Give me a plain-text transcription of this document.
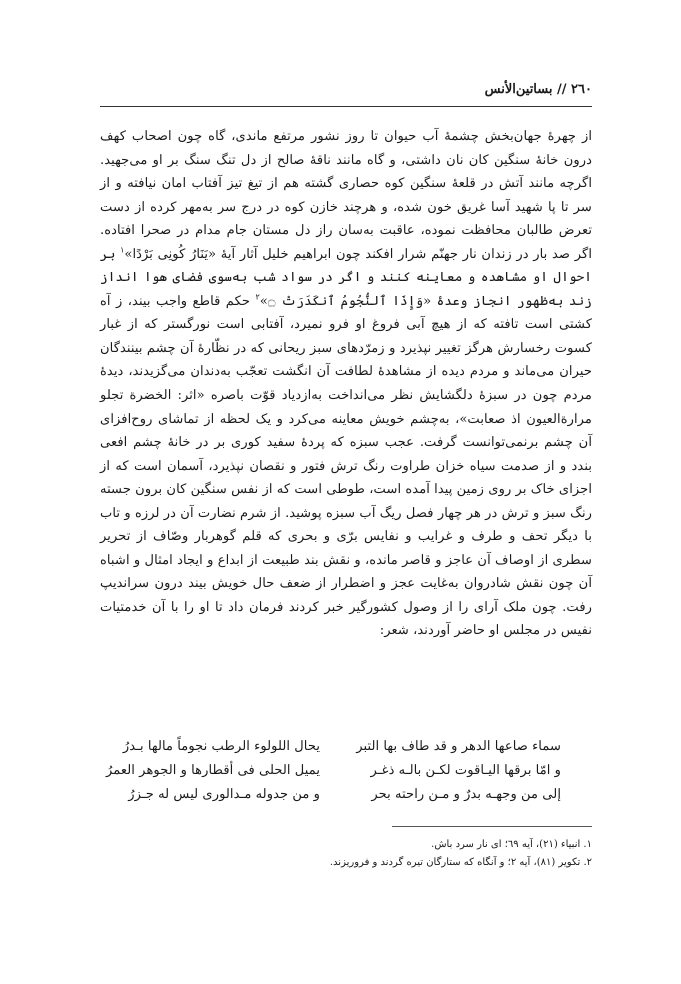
٢٦٠ // بساتين‌الأنس

از چهرهٔ جهان‌بخش چشمهٔ آب حیوان تا روز نشور مرتفع ماندی، گاه چون اصحاب کهف درون خانهٔ سنگین کان نان داشتی، و گاه مانند ناقهٔ صالح از دل تنگ سنگ بر او می‌جهید. اگرچه مانند آتش در قلعهٔ سنگین کوه حصاری گشته هم از تیغ تیز آفتاب امان نیافته و از سر تا پا شهید آسا غریق خون شده، و هرچند خازن کوه در درج سر به‌مهر کرده از دست تعرض طالبان محافظت نموده، عاقبت به‌سان راز دل مستان جام مدام در صحرا افتاده. اگر صد بار در زندان نار جهنّم شرار افکند چون ابراهیم خلیل آثار آیهٔ «يَنَارُ كُونِى بَرْدًا»$^١$ بر احوال او مشاهده و معاینه کنند و اگر در سواد شب به‌سوی فضای هوا انداز زند به‌ظهور انجاز وعدهٔ «وَإِذَا ٱلنُّجُومُ ٱنكَدَرَتْ ۝»$^٢$ حکم قاطع واجب بیند، ز آه کشتی است تافته که از هیچ آبی فروغ او فرو نمیرد، آفتابی است نورگستر که از غبار کسوت رخسارش هرگز تغییر نپذیرد و زمرّدهای سبز ریحانی که در نظّارهٔ آن چشم بینندگان حیران می‌ماند و مردم دیده از مشاهدهٔ لطافت آن انگشت تعجّب به‌دندان می‌گزیدند، دیدهٔ مردم چون در سبزهٔ دلگشایش نظر می‌انداخت به‌ازدیاد قوّت باصره «اثر: الخضرة تجلو مرارةالعيون اذ صعابت»، به‌چشم خویش معاینه می‌کرد و یک لحظه از تماشای روح‌افزای آن چشم برنمی‌توانست گرفت. عجب سبزه که پردهٔ سفید کوری بر در خانهٔ چشم افعی بندد و از صدمت سیاه خزان طراوت رنگ ترش فتور و نقصان نپذیرد، آسمان است که از اجزای خاک بر روی زمین پیدا آمده است، طوطی است که از نفس سنگین کان برون جسته رنگ سبز و ترش در هر چهار فصل ریگ آب سبزه پوشید. از شرم نضارت آن در لرزه و تاب با دیگر تحف و طرف و غرایب و نفایس برّی و بحری که قلم گوهربار وصّاف از تحریر سطری از اوصاف آن عاجز و قاصر مانده، و نقش بند طبیعت از ابداع و ایجاد امثال و اشباه آن چون نقش شادروان به‌غایت عجز و اضطرار از ضعف حال خویش بیند درون سراندیپ رفت. چون ملک آرای را از وصول کشورگیر خبر کردند فرمان داد تا او را با آن خدمتیات نفیس در مجلس او حاضر آوردند، شعر:

سماء صاعها الدهر و قد طاف بها التبر
يحال اللولوء الرطب نجوماً مالها بـدرُ
و امّا برقها اليـاقوت لكـن بالـه ذغـر
يميل الحلى فى أقطارها و الجوهر العمرُ
إلى من وجهـه بدرٌ و مـن راحته بحر
و من جدوله مـدالورى ليس له جـزرُ

١. انبیاء (٢١)، آیه ٦٩؛ ای نار سرد باش.

٢. تکویر (٨١)، آیه ٢؛ و آنگاه که ستارگان تیره گردند و فروریزند.
